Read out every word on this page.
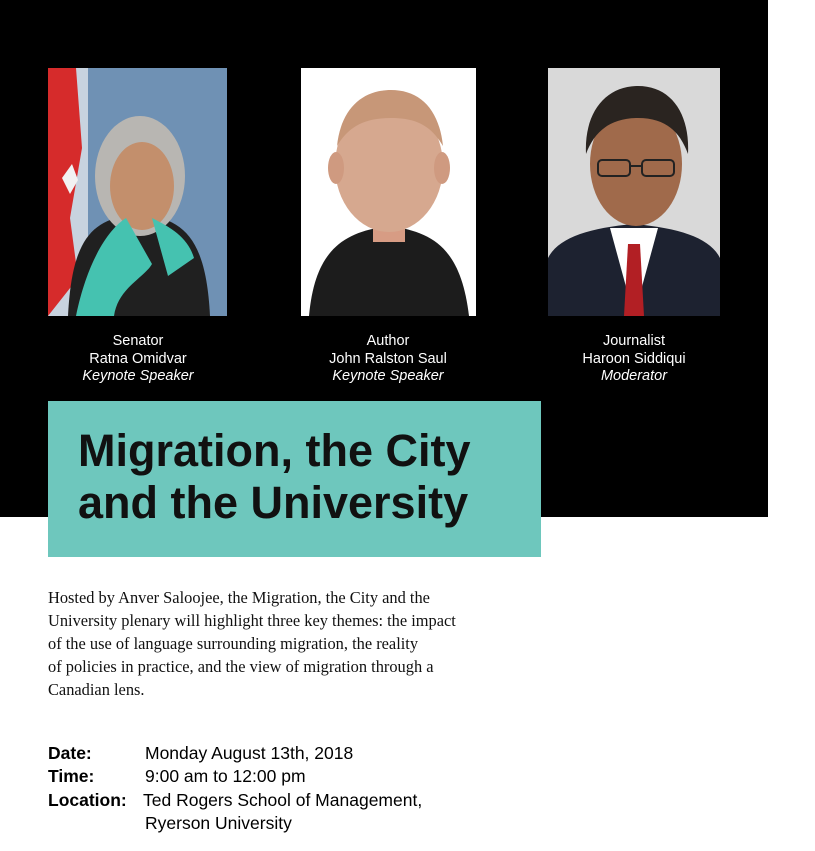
Senator
Ratna Omidvar
Keynote Speaker
Author
John Ralston Saul
Keynote Speaker
Journalist
Haroon Siddiqui
Moderator
Migration, the City
and the University
Hosted by Anver Saloojee, the Migration, the City and the
University plenary will highlight three key themes: the impact
of the use of language surrounding migration, the reality
of policies in practice, and the view of migration through a
Canadian lens.
Date:	Monday August 13th, 2018
Time:	9:00 am to 12:00 pm
Location: Ted Rogers School of Management,
Ryerson University
